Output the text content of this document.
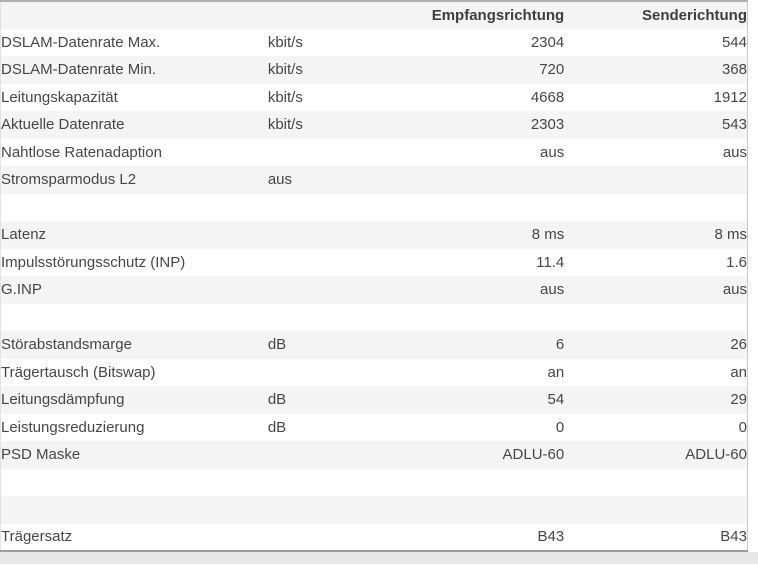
		Empfangsrichtung	Senderichtung
DSLAM-Datenrate Max.	kbit/s	2304	544
DSLAM-Datenrate Min.	kbit/s	720	368
Leitungskapazität	kbit/s	4668	1912
Aktuelle Datenrate	kbit/s	2303	543
Nahtlose Ratenadaption		aus	aus
Stromsparmodus L2	aus		

Latenz		8 ms	8 ms
Impulsstörungsschutz (INP)		11.4	1.6
G.INP		aus	aus

Störabstandsmarge	dB	6	26
Trägertausch (Bitswap)		an	an
Leitungsdämpfung	dB	54	29
Leistungsreduzierung	dB	0	0
PSD Maske		ADLU-60	ADLU-60

Trägersatz		B43	B43
